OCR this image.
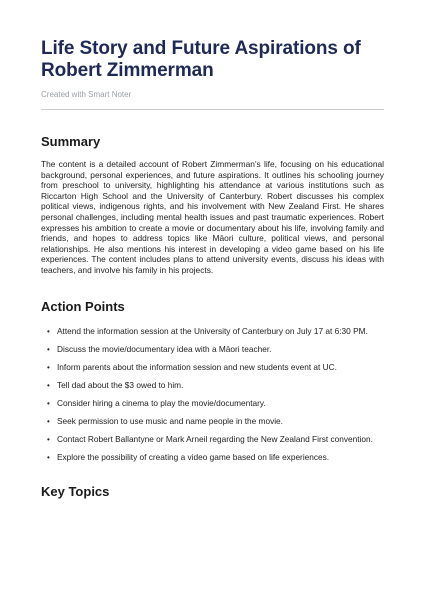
Life Story and Future Aspirations of Robert Zimmerman
Created with Smart Noter
Summary

The content is a detailed account of Robert Zimmerman's life, focusing on his educational background, personal experiences, and future aspirations. It outlines his schooling journey from preschool to university, highlighting his attendance at various institutions such as Riccarton High School and the University of Canterbury. Robert discusses his complex political views, indigenous rights, and his involvement with New Zealand First. He shares personal challenges, including mental health issues and past traumatic experiences. Robert expresses his ambition to create a movie or documentary about his life, involving family and friends, and hopes to address topics like Māori culture, political views, and personal relationships. He also mentions his interest in developing a video game based on his life experiences. The content includes plans to attend university events, discuss his ideas with teachers, and involve his family in his projects.

Action Points
• Attend the information session at the University of Canterbury on July 17 at 6:30 PM.
• Discuss the movie/documentary idea with a Māori teacher.
• Inform parents about the information session and new students event at UC.
• Tell dad about the $3 owed to him.
• Consider hiring a cinema to play the movie/documentary.
• Seek permission to use music and name people in the movie.
• Contact Robert Ballantyne or Mark Arneil regarding the New Zealand First convention.
• Explore the possibility of creating a video game based on life experiences.
Key Topics
